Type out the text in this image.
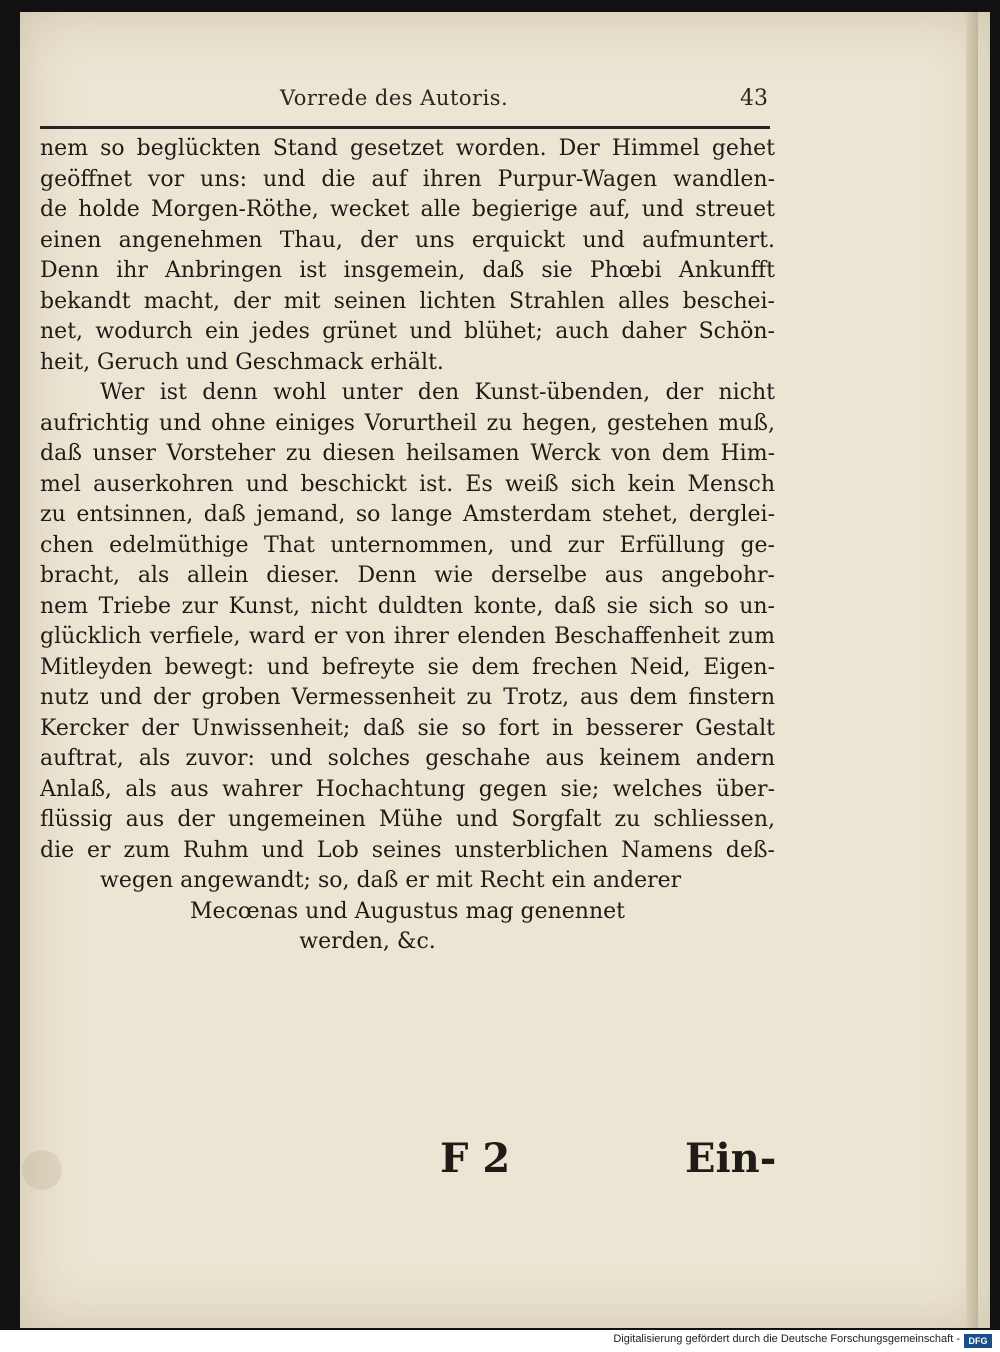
Vorrede des Autoris.	43
nem so beglückten Stand gesetzet worden. Der Himmel gehet
geöffnet vor uns: und die auf ihren Purpur-Wagen wandlen-
de holde Morgen-Röthe, wecket alle begierige auf, und streuet
einen angenehmen Thau, der uns erquickt und aufmuntert.
Denn ihr Anbringen ist insgemein, daß sie Phœbi Ankunfft
bekandt macht, der mit seinen lichten Strahlen alles beschei-
net, wodurch ein jedes grünet und blühet; auch daher Schön-
heit, Geruch und Geschmack erhält.
Wer ist denn wohl unter den Kunst-übenden, der nicht
aufrichtig und ohne einiges Vorurtheil zu hegen, gestehen muß,
daß unser Vorsteher zu diesen heilsamen Werck von dem Him-
mel auserkohren und beschickt ist. Es weiß sich kein Mensch
zu entsinnen, daß jemand, so lange Amsterdam stehet, derglei-
chen edelmüthige That unternommen, und zur Erfüllung ge-
bracht, als allein dieser. Denn wie derselbe aus angebohr-
nem Triebe zur Kunst, nicht duldten konte, daß sie sich so un-
glücklich verfiele, ward er von ihrer elenden Beschaffenheit zum
Mitleyden bewegt: und befreyte sie dem frechen Neid, Eigen-
nutz und der groben Vermessenheit zu Trotz, aus dem finstern
Kercker der Unwissenheit; daß sie so fort in besserer Gestalt
auftrat, als zuvor: und solches geschahe aus keinem andern
Anlaß, als aus wahrer Hochachtung gegen sie; welches über-
flüssig aus der ungemeinen Mühe und Sorgfalt zu schliessen,
die er zum Ruhm und Lob seines unsterblichen Namens deß-
wegen angewandt; so, daß er mit Recht ein anderer
Mecœnas und Augustus mag genennet
werden, &c.
F 2	Ein-
Digitalisierung gefördert durch die Deutsche Forschungsgemeinschaft - DFG
